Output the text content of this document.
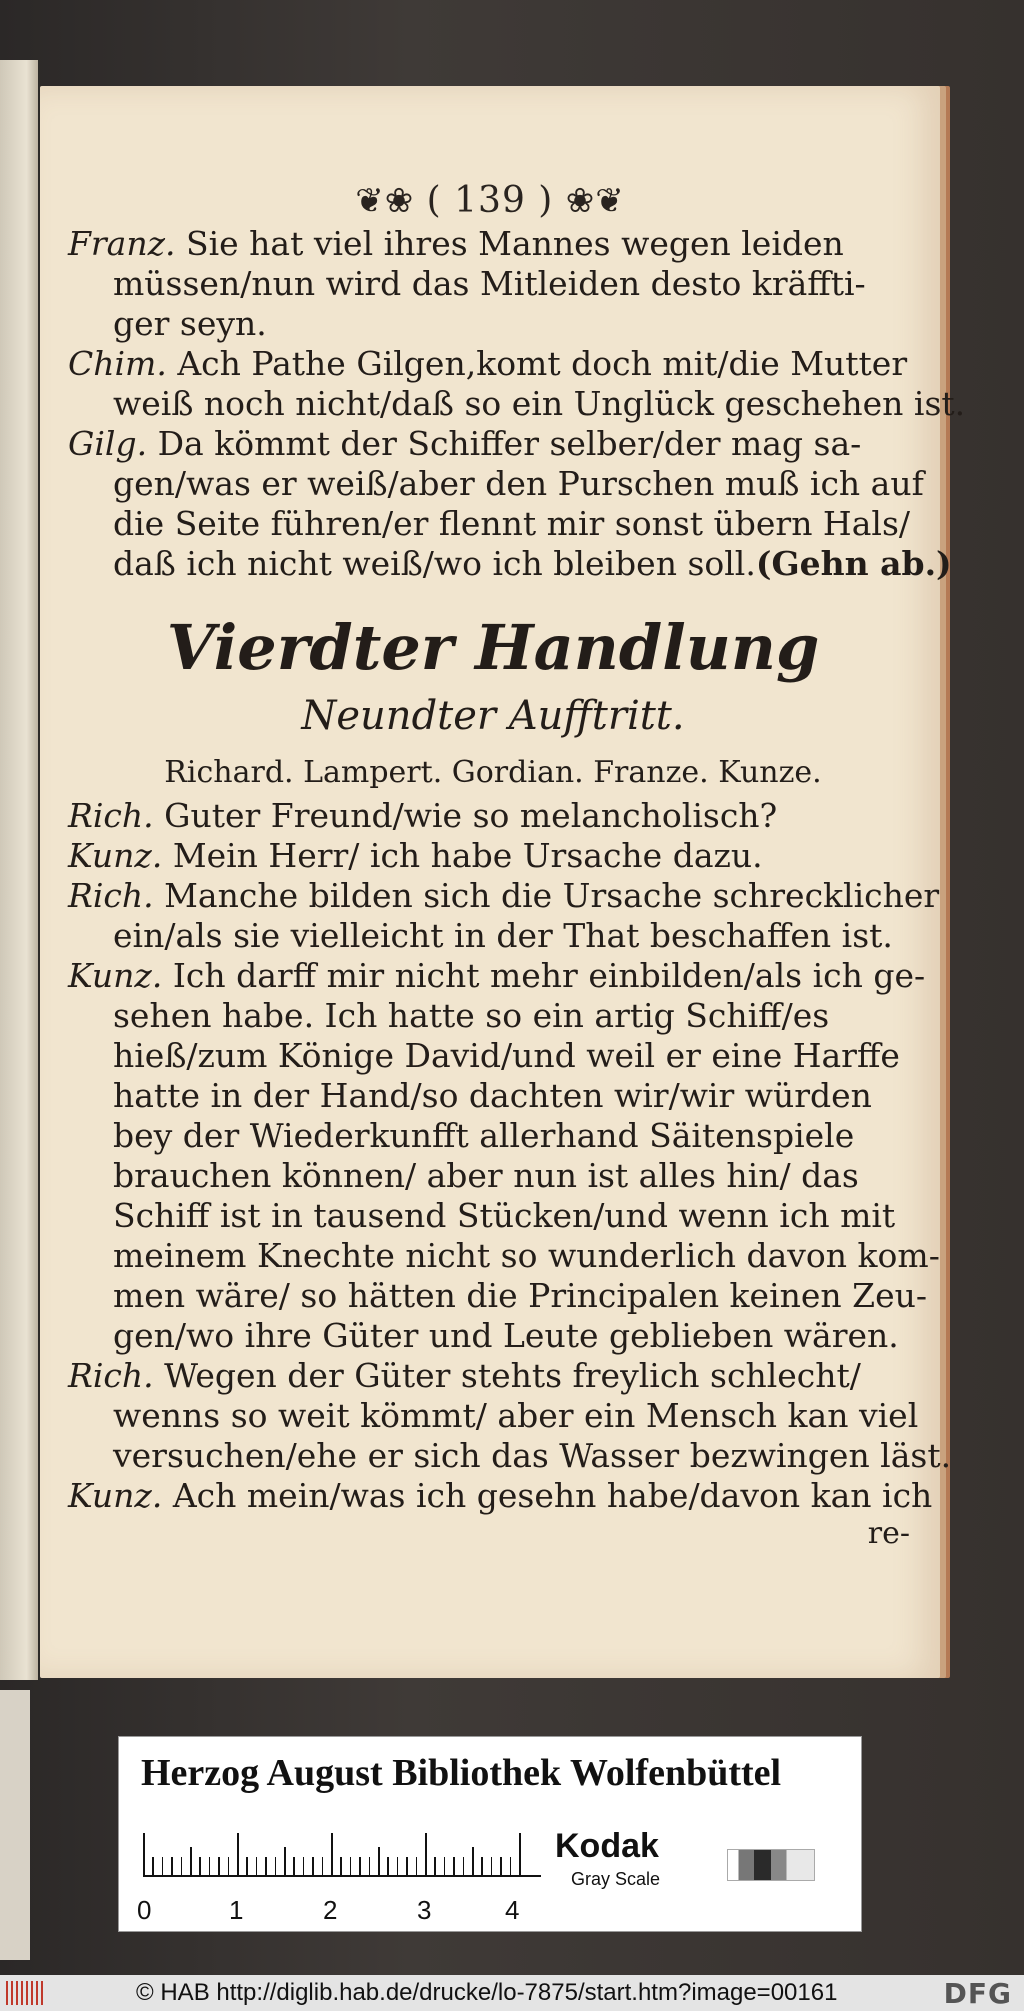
❦❀ ( 139 ) ❀❦
Franz. Sie hat viel ihres Mannes wegen leiden
müssen/nun wird das Mitleiden desto kräffti-
ger seyn.
Chim. Ach Pathe Gilgen,komt doch mit/die Mutter
weiß noch nicht/daß so ein Unglück geschehen ist.
Gilg. Da kömmt der Schiffer selber/der mag sa-
gen/was er weiß/aber den Purschen muß ich auf
die Seite führen/er flennt mir sonst übern Hals/
daß ich nicht weiß/wo ich bleiben soll.(Gehn ab.)
Vierdter Handlung
Neundter Aufftritt.
Richard. Lampert. Gordian. Franze. Kunze.
Rich. Guter Freund/wie so melancholisch?
Kunz. Mein Herr/ ich habe Ursache dazu.
Rich. Manche bilden sich die Ursache schrecklicher
ein/als sie vielleicht in der That beschaffen ist.
Kunz. Ich darff mir nicht mehr einbilden/als ich ge-
sehen habe. Ich hatte so ein artig Schiff/es
hieß/zum Könige David/und weil er eine Harffe
hatte in der Hand/so dachten wir/wir würden
bey der Wiederkunfft allerhand Säitenspiele
brauchen können/ aber nun ist alles hin/ das
Schiff ist in tausend Stücken/und wenn ich mit
meinem Knechte nicht so wunderlich davon kom-
men wäre/ so hätten die Principalen keinen Zeu-
gen/wo ihre Güter und Leute geblieben wären.
Rich. Wegen der Güter stehts freylich schlecht/
wenns so weit kömmt/ aber ein Mensch kan viel
versuchen/ehe er sich das Wasser bezwingen läst.
Kunz. Ach mein/was ich gesehn habe/davon kan ich
re-
Herzog August Bibliothek Wolfenbüttel
0	1	2	3	4
Kodak
Gray Scale
© HAB http://diglib.hab.de/drucke/lo-7875/start.htm?image=00161	DFG
